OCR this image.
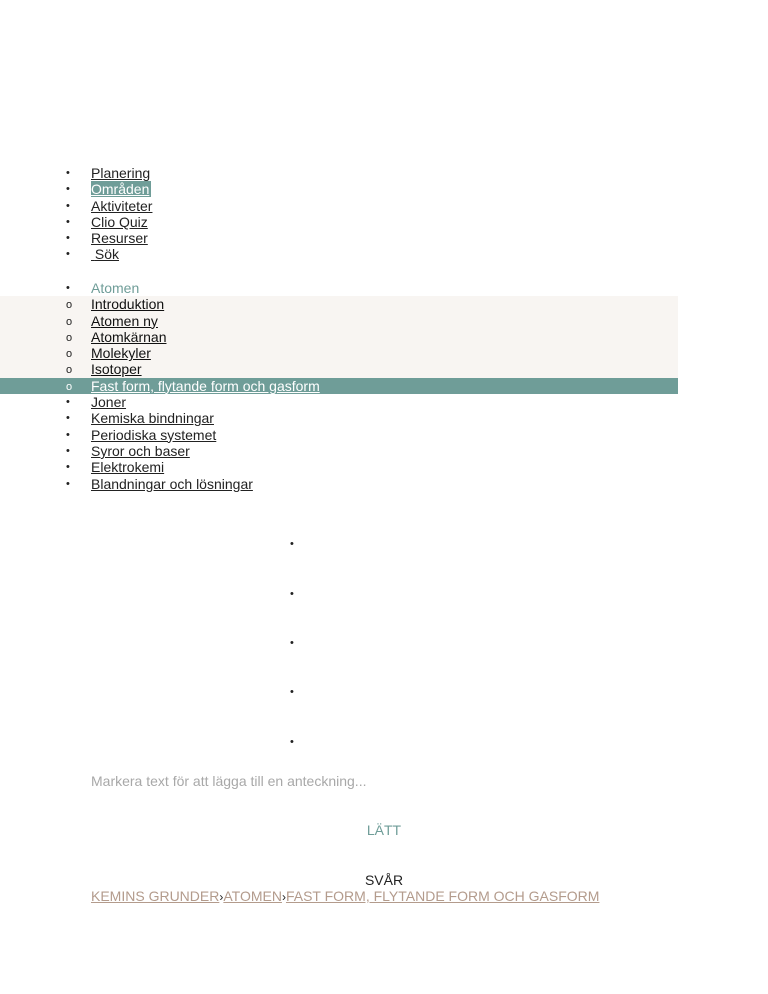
• Planering
• Områden
• Aktiviteter
• Clio Quiz
• Resurser
• Sök
• Atomen
o Introduktion
o Atomen ny
o Atomkärnan
o Molekyler
o Isotoper
o Fast form, flytande form och gasform
• Joner
• Kemiska bindningar
• Periodiska systemet
• Syror och baser
• Elektrokemi
• Blandningar och lösningar
•
•
•
•
•
Markera text för att lägga till en anteckning...
LÄTT
SVÅR
KEMINS GRUNDER›ATOMEN›FAST FORM, FLYTANDE FORM OCH GASFORM
